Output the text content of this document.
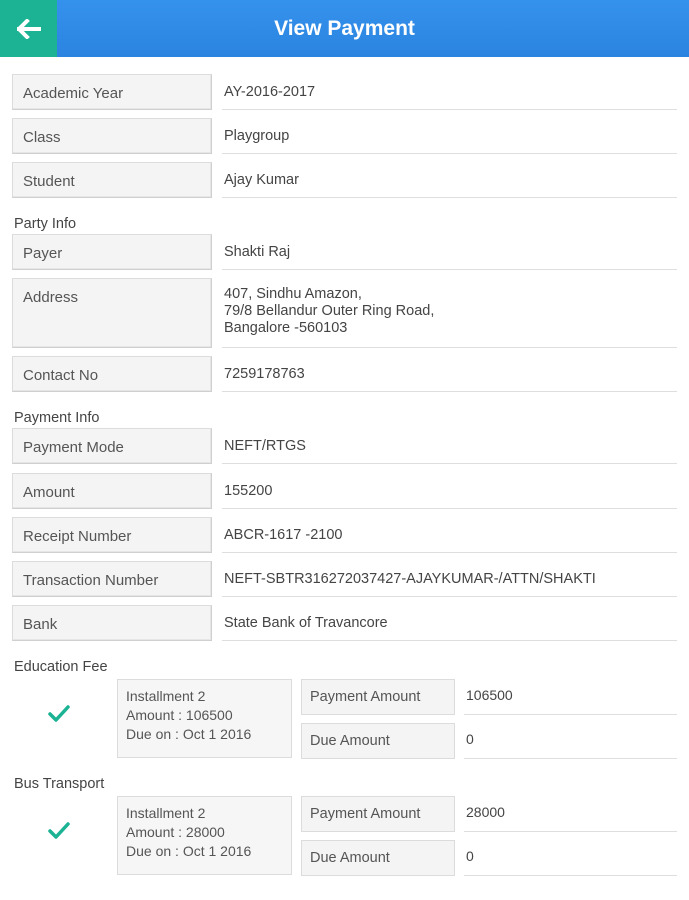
View Payment
Academic Year	AY-2016-2017
Class	Playgroup
Student	Ajay Kumar
Party Info
Payer	Shakti Raj
Address	407, Sindhu Amazon,
79/8 Bellandur Outer Ring Road,
Bangalore -560103
Contact No	7259178763
Payment Info
Payment Mode	NEFT/RTGS
Amount	155200
Receipt Number	ABCR-1617 -2100
Transaction Number	NEFT-SBTR316272037427-AJAYKUMAR-/ATTN/SHAKTI
Bank	State Bank of Travancore
Education Fee
Installment 2
Amount : 106500
Due on : Oct 1 2016
Payment Amount	106500
Due Amount	0
Bus Transport
Installment 2
Amount : 28000
Due on : Oct 1 2016
Payment Amount	28000
Due Amount	0
